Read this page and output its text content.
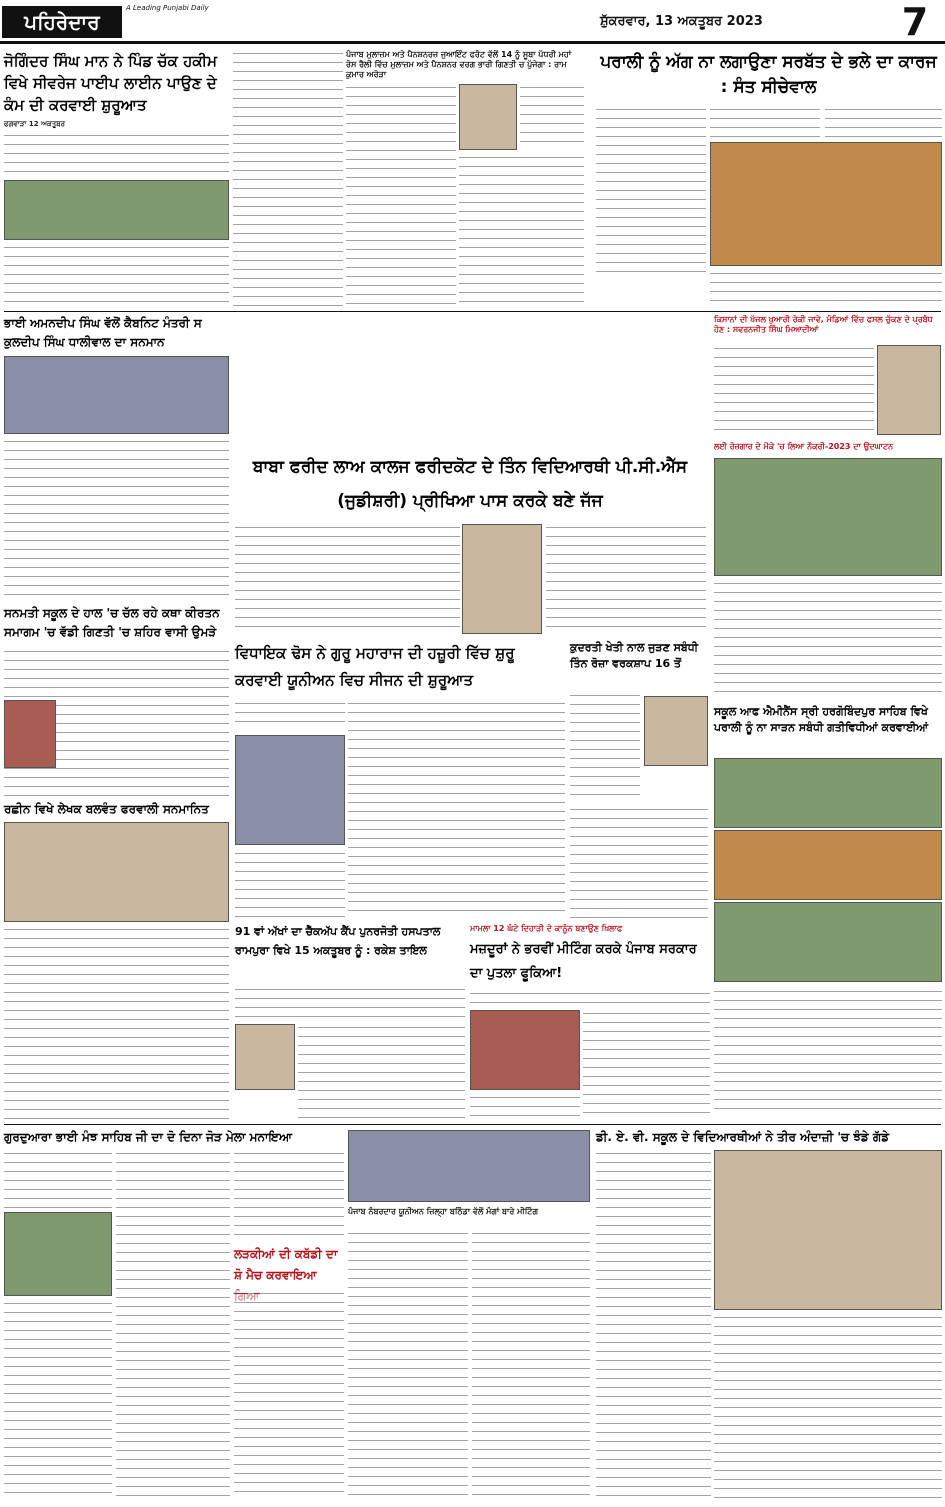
ਪਹਿਰੇਦਾਰ
A Leading Punjabi Daily
ਸ਼ੁੱਕਰਵਾਰ, 13 ਅਕਤੂਬਰ 2023	7
ਜੋਗਿੰਦਰ ਸਿੰਘ ਮਾਨ ਨੇ ਪਿੰਡ ਚੱਕ ਹਕੀਮ ਵਿਖੇ ਸੀਵਰੇਜ ਪਾਈਪ ਲਾਈਨ ਪਾਉਣ ਦੇ ਕੰਮ ਦੀ ਕਰਵਾਈ ਸ਼ੁਰੂਆਤ
ਫਗਵਾੜਾ 12 ਅਕਤੂਬਰ
ਪੰਜਾਬ ਮੁਲਾਜ਼ਮ ਅਤੇ ਪੈਨਸ਼ਨਰਜ਼ ਜੁਆਇੰਟ ਫਰੰਟ ਵੱਲੋਂ 14 ਨੂੰ ਸੂਬਾ ਪੱਧਰੀ ਮਹਾਂ ਰੋਸ ਰੈਲੀ ਵਿੱਚ ਮੁਲਾਜ਼ਮ ਅਤੇ ਪੈਨਸ਼ਨਰ ਵਰਗ ਭਾਰੀ ਗਿਣਤੀ ਚ ਪੁੱਜੇਗਾ : ਰਾਮ ਕੁਮਾਰ ਅਰੋੜਾ
ਪਰਾਲੀ ਨੂੰ ਅੱਗ ਨਾ ਲਗਾਉਣਾ ਸਰਬੱਤ ਦੇ ਭਲੇ ਦਾ ਕਾਰਜ : ਸੰਤ ਸੀਚੇਵਾਲ
ਭਾਈ ਅਮਨਦੀਪ ਸਿੰਘ ਵੱਲੋਂ ਕੈਬਨਿਟ ਮੰਤਰੀ ਸ ਕੁਲਦੀਪ ਸਿੰਘ ਧਾਲੀਵਾਲ ਦਾ ਸਨਮਾਨ
ਬਾਬਾ ਫਰੀਦ ਲਾਅ ਕਾਲਜ ਫਰੀਦਕੋਟ ਦੇ ਤਿੰਨ ਵਿਦਿਆਰਥੀ ਪੀ.ਸੀ.ਐੱਸ (ਜੁਡੀਸ਼ਰੀ) ਪ੍ਰੀਖਿਆ ਪਾਸ ਕਰਕੇ ਬਣੇ ਜੱਜ
ਕਿਸਾਨਾਂ ਦੀ ਖੱਜਲ ਖੁਆਰੀ ਰੋਕੀ ਜਾਵੇ, ਮੰਡਿਆਂ ਵਿੱਚ ਫਸਲ ਚੁੱਕਣ ਦੇ ਪ੍ਰਬੰਧ ਹੋਣ : ਸਵਰਨਜੀਤ ਸਿੰਘ ਮਿਆਦੀਆਂ
ਲਈ ਰੋਜ਼ਗਾਰ ਦੇ ਮੌਕੇ 'ਚ ਲਿਆ ਨੌਕਰੀ-2023 ਦਾ ਉਦਘਾਟਨ
ਸਨਮਤੀ ਸਕੂਲ ਦੇ ਹਾਲ 'ਚ ਚੱਲ ਰਹੇ ਕਥਾ ਕੀਰਤਨ ਸਮਾਗਮ 'ਚ ਵੱਡੀ ਗਿਣਤੀ 'ਚ ਸ਼ਹਿਰ ਵਾਸੀ ਉਮੜੇ
ਵਿਧਾਇਕ ਢੋਸ ਨੇ ਗੁਰੂ ਮਹਾਰਾਜ ਦੀ ਹਜ਼ੂਰੀ ਵਿੱਚ ਸ਼ੁਰੂ ਕਰਵਾਈ ਯੂਨੀਅਨ ਵਿਚ ਸੀਜਨ ਦੀ ਸ਼ੁਰੂਆਤ
ਕੁਦਰਤੀ ਖੇਤੀ ਨਾਲ ਜੁੜਣ ਸਬੰਧੀ ਤਿੰਨ ਰੋਜ਼ਾ ਵਰਕਸ਼ਾਪ 16 ਤੋਂ
ਸਕੂਲ ਆਫ ਐਮੀਨੈਂਸ ਸ੍ਰੀ ਹਰਗੋਬਿੰਦਪੁਰ ਸਾਹਿਬ ਵਿਖੇ ਪਰਾਲੀ ਨੂੰ ਨਾ ਸਾੜਨ ਸਬੰਧੀ ਗਤੀਵਿਧੀਆਂ ਕਰਵਾਈਆਂ
ਰਛੀਨ ਵਿਖੇ ਲੇਖਕ ਬਲਵੰਤ ਫਰਵਾਲੀ ਸਨਮਾਨਿਤ
91 ਵਾਂ ਅੱਖਾਂ ਦਾ ਚੈੱਕਅੱਪ ਕੈਂਪ ਪੁਨਰਜੋਤੀ ਹਸਪਤਾਲ ਰਾਮਪੁਰਾ ਵਿਖੇ 15 ਅਕਤੂਬਰ ਨੂੰ : ਰਕੇਸ਼ ਤਾਇਲ
ਮਾਮਲਾ 12 ਘੰਟੇ ਦਿਹਾੜੀ ਦੇ ਕਾਨੂੰਨ ਬਣਾਉਣ ਖਿਲਾਫ
ਮਜ਼ਦੂਰਾਂ ਨੇ ਭਰਵੀਂ ਮੀਟਿੰਗ ਕਰਕੇ ਪੰਜਾਬ ਸਰਕਾਰ ਦਾ ਪੁਤਲਾ ਫੂਕਿਆ!
ਗੁਰਦੁਆਰਾ ਭਾਈ ਮੰਝ ਸਾਹਿਬ ਜੀ ਦਾ ਦੋ ਦਿਨਾ ਜੋੜ ਮੇਲਾ ਮਨਾਇਆ
ਲੜਕੀਆਂ ਦੀ ਕਬੱਡੀ ਦਾ ਸ਼ੋ ਮੈਚ ਕਰਵਾਇਆ
ਪੰਜਾਬ ਨੰਬਰਦਾਰ ਯੂਨੀਅਨ ਜ਼ਿਲ੍ਹਾ ਬਠਿੰਡਾ ਵੱਲੋਂ ਮੰਗਾਂ ਬਾਰੇ ਮੀਟਿੰਗ
ਡੀ. ਏ. ਵੀ. ਸਕੂਲ ਦੇ ਵਿਦਿਆਰਥੀਆਂ ਨੇ ਤੀਰ ਅੰਦਾਜ਼ੀ 'ਚ ਝੰਡੇ ਗੱਡੇ
